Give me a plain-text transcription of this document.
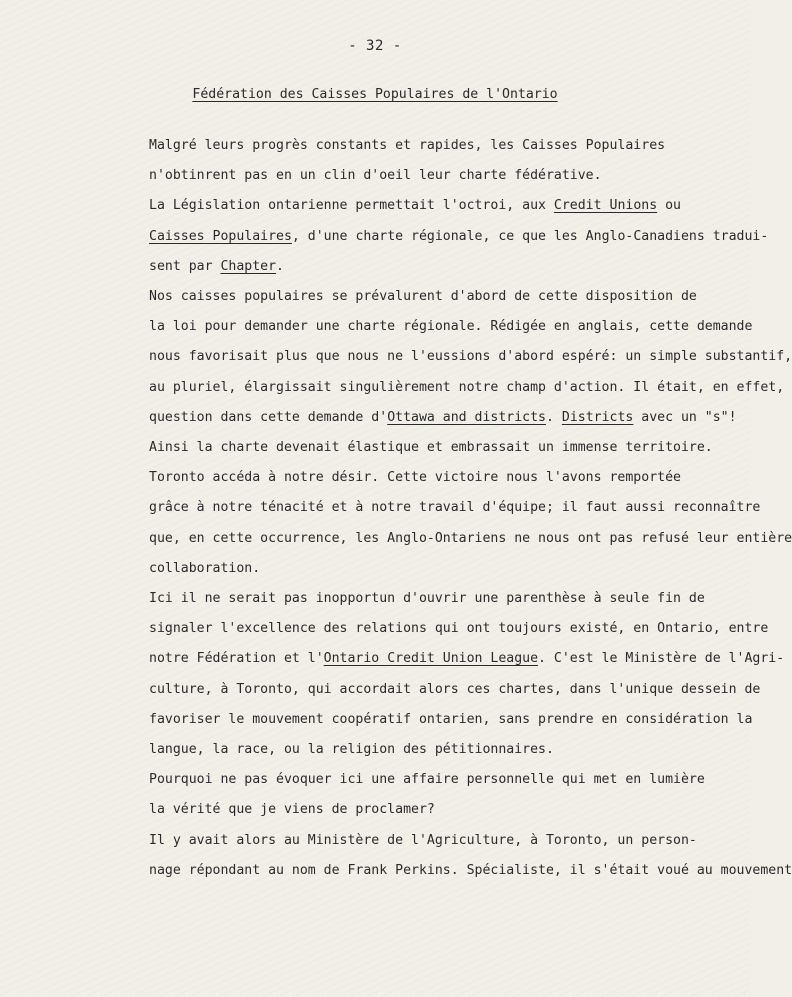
- 32 -
Fédération des Caisses Populaires de l'Ontario

Malgré leurs progrès constants et rapides, les Caisses Populaires
n'obtinrent pas en un clin d'oeil leur charte fédérative.

La Législation ontarienne permettait l'octroi, aux Credit Unions ou
Caisses Populaires, d'une charte régionale, ce que les Anglo-Canadiens tradui-
sent par Chapter.

Nos caisses populaires se prévalurent d'abord de cette disposition de
la loi pour demander une charte régionale. Rédigée en anglais, cette demande
nous favorisait plus que nous ne l'eussions d'abord espéré: un simple substantif,
au pluriel, élargissait singulièrement notre champ d'action. Il était, en effet,
question dans cette demande d'Ottawa and districts. Districts avec un "s"!
Ainsi la charte devenait élastique et embrassait un immense territoire.

Toronto accéda à notre désir. Cette victoire nous l'avons remportée
grâce à notre ténacité et à notre travail d'équipe; il faut aussi reconnaître
que, en cette occurrence, les Anglo-Ontariens ne nous ont pas refusé leur entière
collaboration.

Ici il ne serait pas inopportun d'ouvrir une parenthèse à seule fin de
signaler l'excellence des relations qui ont toujours existé, en Ontario, entre
notre Fédération et l'Ontario Credit Union League. C'est le Ministère de l'Agri-
culture, à Toronto, qui accordait alors ces chartes, dans l'unique dessein de
favoriser le mouvement coopératif ontarien, sans prendre en considération la
langue, la race, ou la religion des pétitionnaires.

Pourquoi ne pas évoquer ici une affaire personnelle qui met en lumière
la vérité que je viens de proclamer?

Il y avait alors au Ministère de l'Agriculture, à Toronto, un person-
nage répondant au nom de Frank Perkins. Spécialiste, il s'était voué au mouvement
